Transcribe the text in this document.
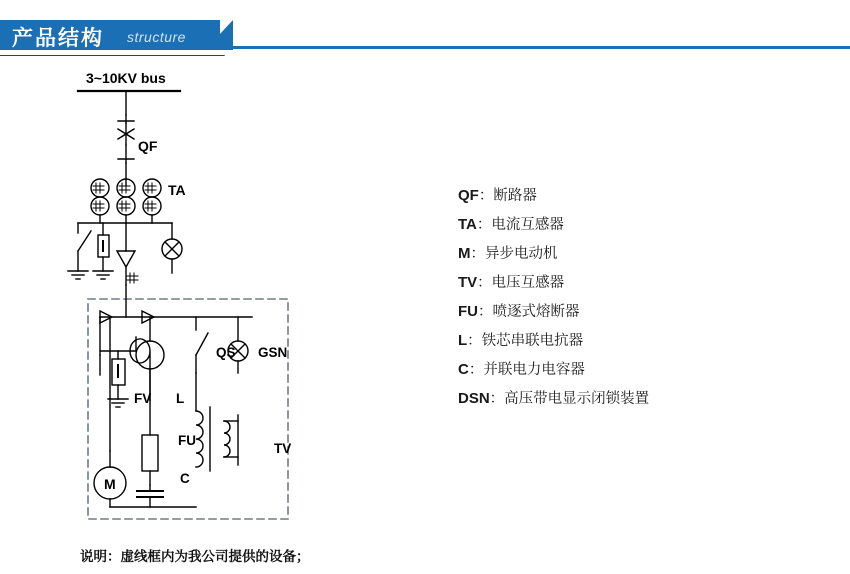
产品结构 structure
3~10KV bus
QF
TA
QS GSN
FV L
FU
TV
C
M
QF：断路器
TA：电流互感器
M：异步电动机
TV：电压互感器
FU：喷逐式熔断器
L：铁芯串联电抗器
C：并联电力电容器
DSN：高压带电显示闭锁装置
说明：虚线框内为我公司提供的设备；
